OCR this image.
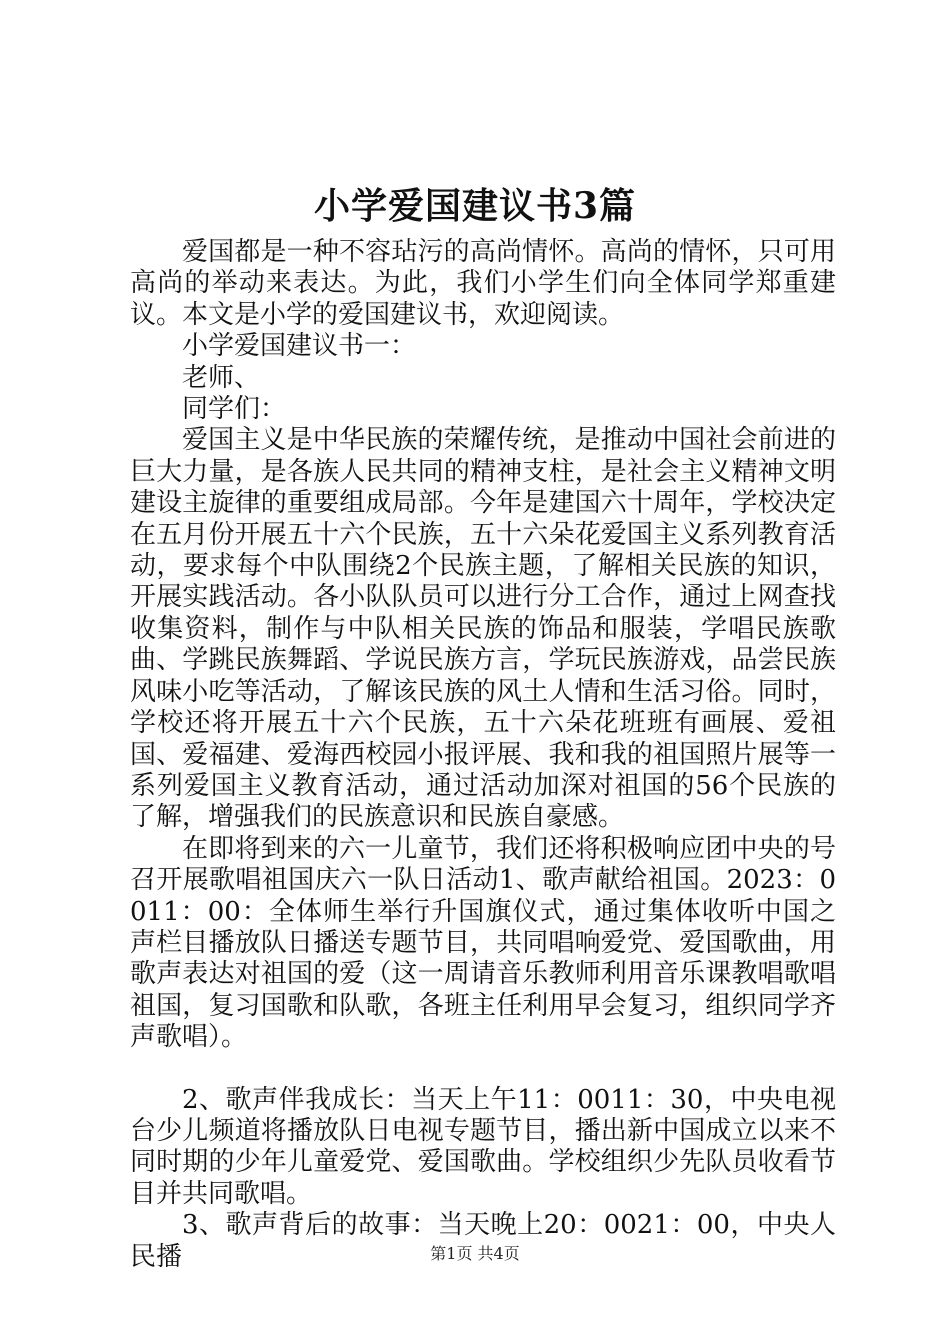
小学爱国建议书3篇

爱国都是一种不容玷污的高尚情怀。高尚的情怀，只可用高尚的举动来表达。为此，我们小学生们向全体同学郑重建议。本文是小学的爱国建议书，欢迎阅读。

小学爱国建议书一：

老师、

同学们：

爱国主义是中华民族的荣耀传统，是推动中国社会前进的巨大力量，是各族人民共同的精神支柱，是社会主义精神文明建设主旋律的重要组成局部。今年是建国六十周年，学校决定在五月份开展五十六个民族，五十六朵花爱国主义系列教育活动，要求每个中队围绕2个民族主题，了解相关民族的知识，开展实践活动。各小队队员可以进行分工合作，通过上网查找收集资料，制作与中队相关民族的饰品和服装，学唱民族歌曲、学跳民族舞蹈、学说民族方言，学玩民族游戏，品尝民族风味小吃等活动，了解该民族的风土人情和生活习俗。同时，学校还将开展五十六个民族，五十六朵花班班有画展、爱祖国、爱福建、爱海西校园小报评展、我和我的祖国照片展等一系列爱国主义教育活动，通过活动加深对祖国的56个民族的了解，增强我们的民族意识和民族自豪感。

在即将到来的六一儿童节，我们还将积极响应团中央的号召开展歌唱祖国庆六一队日活动1、歌声献给祖国。2023：0011：00：全体师生举行升国旗仪式，通过集体收听中国之声栏目播放队日播送专题节目，共同唱响爱党、爱国歌曲，用歌声表达对祖国的爱（这一周请音乐教师利用音乐课教唱歌唱祖国，复习国歌和队歌，各班主任利用早会复习，组织同学齐声歌唱）。

2、歌声伴我成长：当天上午11：0011：30，中央电视台少儿频道将播放队日电视专题节目，播出新中国成立以来不同时期的少年儿童爱党、爱国歌曲。学校组织少先队员收看节目并共同歌唱。

3、歌声背后的故事：当天晚上20：0021：00，中央人民播	第1页 共4页
